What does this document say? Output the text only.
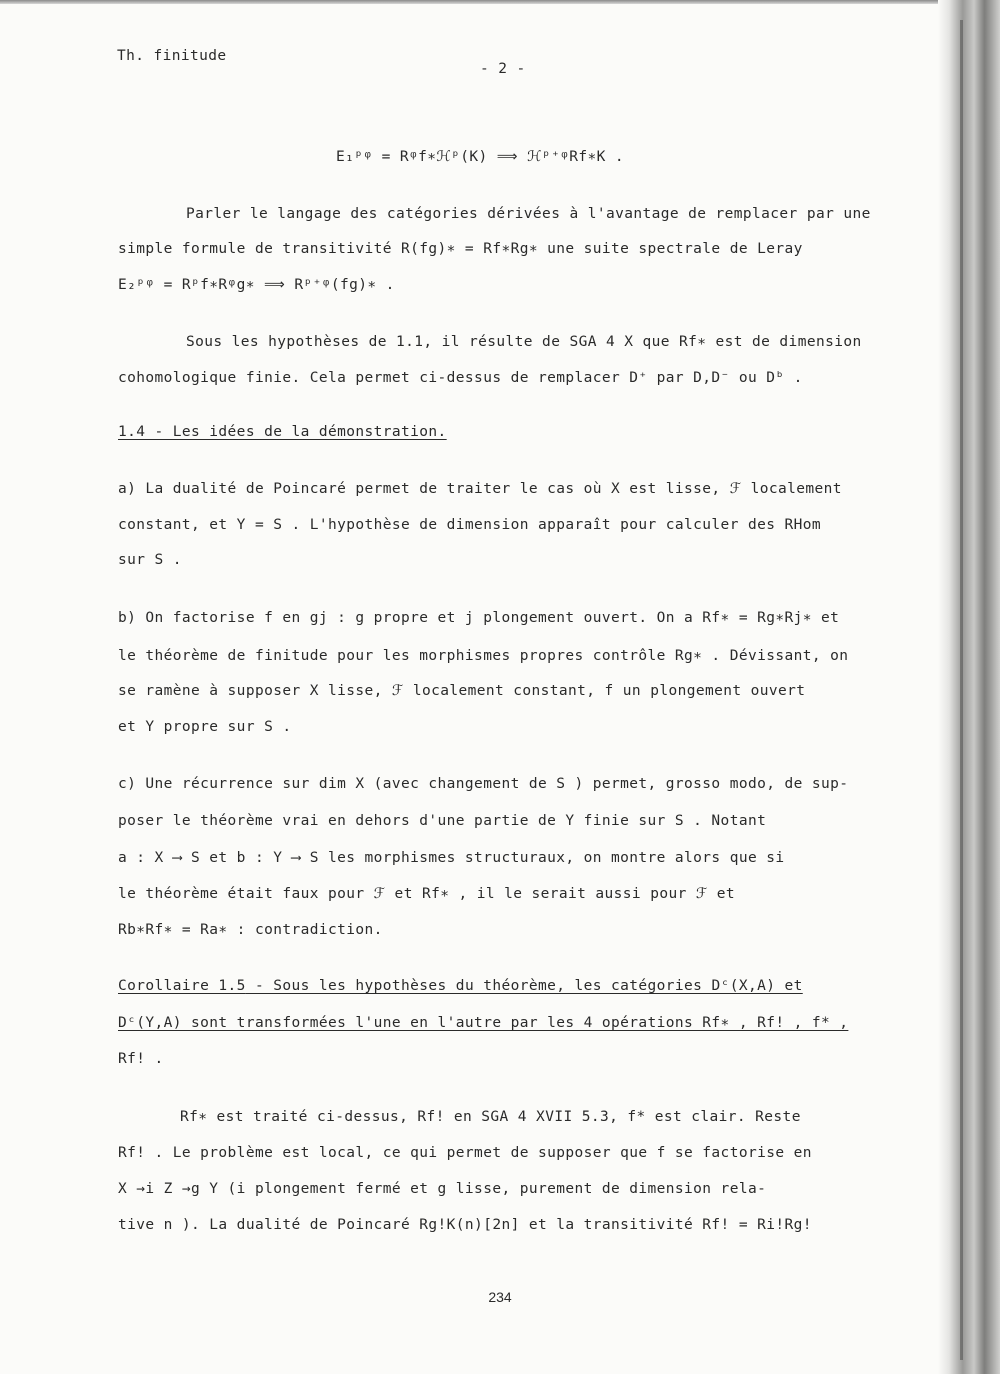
Th. finitude
- 2 -
E₁ᵖᵠ = Rᵠf∗ℋᵖ(K) ⟹ ℋᵖ⁺ᵠRf∗K .
Parler le langage des catégories dérivées à l'avantage de remplacer par une
simple formule de transitivité R(fg)∗ = Rf∗Rg∗ une suite spectrale de Leray
E₂ᵖᵠ = Rᵖf∗Rᵠg∗ ⟹ Rᵖ⁺ᵠ(fg)∗ .
Sous les hypothèses de 1.1, il résulte de SGA 4 X que Rf∗ est de dimension
cohomologique finie. Cela permet ci-dessus de remplacer D⁺ par D,D⁻ ou Dᵇ .
1.4 - Les idées de la démonstration.
a) La dualité de Poincaré permet de traiter le cas où X est lisse, ℱ localement
constant, et Y = S . L'hypothèse de dimension apparaît pour calculer des RHom
sur S .
b) On factorise f en gj : g propre et j plongement ouvert. On a Rf∗ = Rg∗Rj∗ et
le théorème de finitude pour les morphismes propres contrôle Rg∗ . Dévissant, on
se ramène à supposer X lisse, ℱ localement constant, f un plongement ouvert
et Y propre sur S .
c) Une récurrence sur dim X (avec changement de S ) permet, grosso modo, de sup-
poser le théorème vrai en dehors d'une partie de Y finie sur S . Notant
a : X ⟶ S et b : Y ⟶ S les morphismes structuraux, on montre alors que si
le théorème était faux pour ℱ et Rf∗ , il le serait aussi pour ℱ et
Rb∗Rf∗ = Ra∗ : contradiction.
Corollaire 1.5 - Sous les hypothèses du théorème, les catégories Dᶜ(X,A) et
Dᶜ(Y,A) sont transformées l'une en l'autre par les 4 opérations Rf∗ , Rf! , f* ,
Rf! .
Rf∗ est traité ci-dessus, Rf! en SGA 4 XVII 5.3, f* est clair. Reste
Rf! . Le problème est local, ce qui permet de supposer que f se factorise en
X →i Z →g Y (i plongement fermé et g lisse, purement de dimension rela-
tive n ). La dualité de Poincaré Rg!K(n)[2n] et la transitivité Rf! = Ri!Rg!
234
